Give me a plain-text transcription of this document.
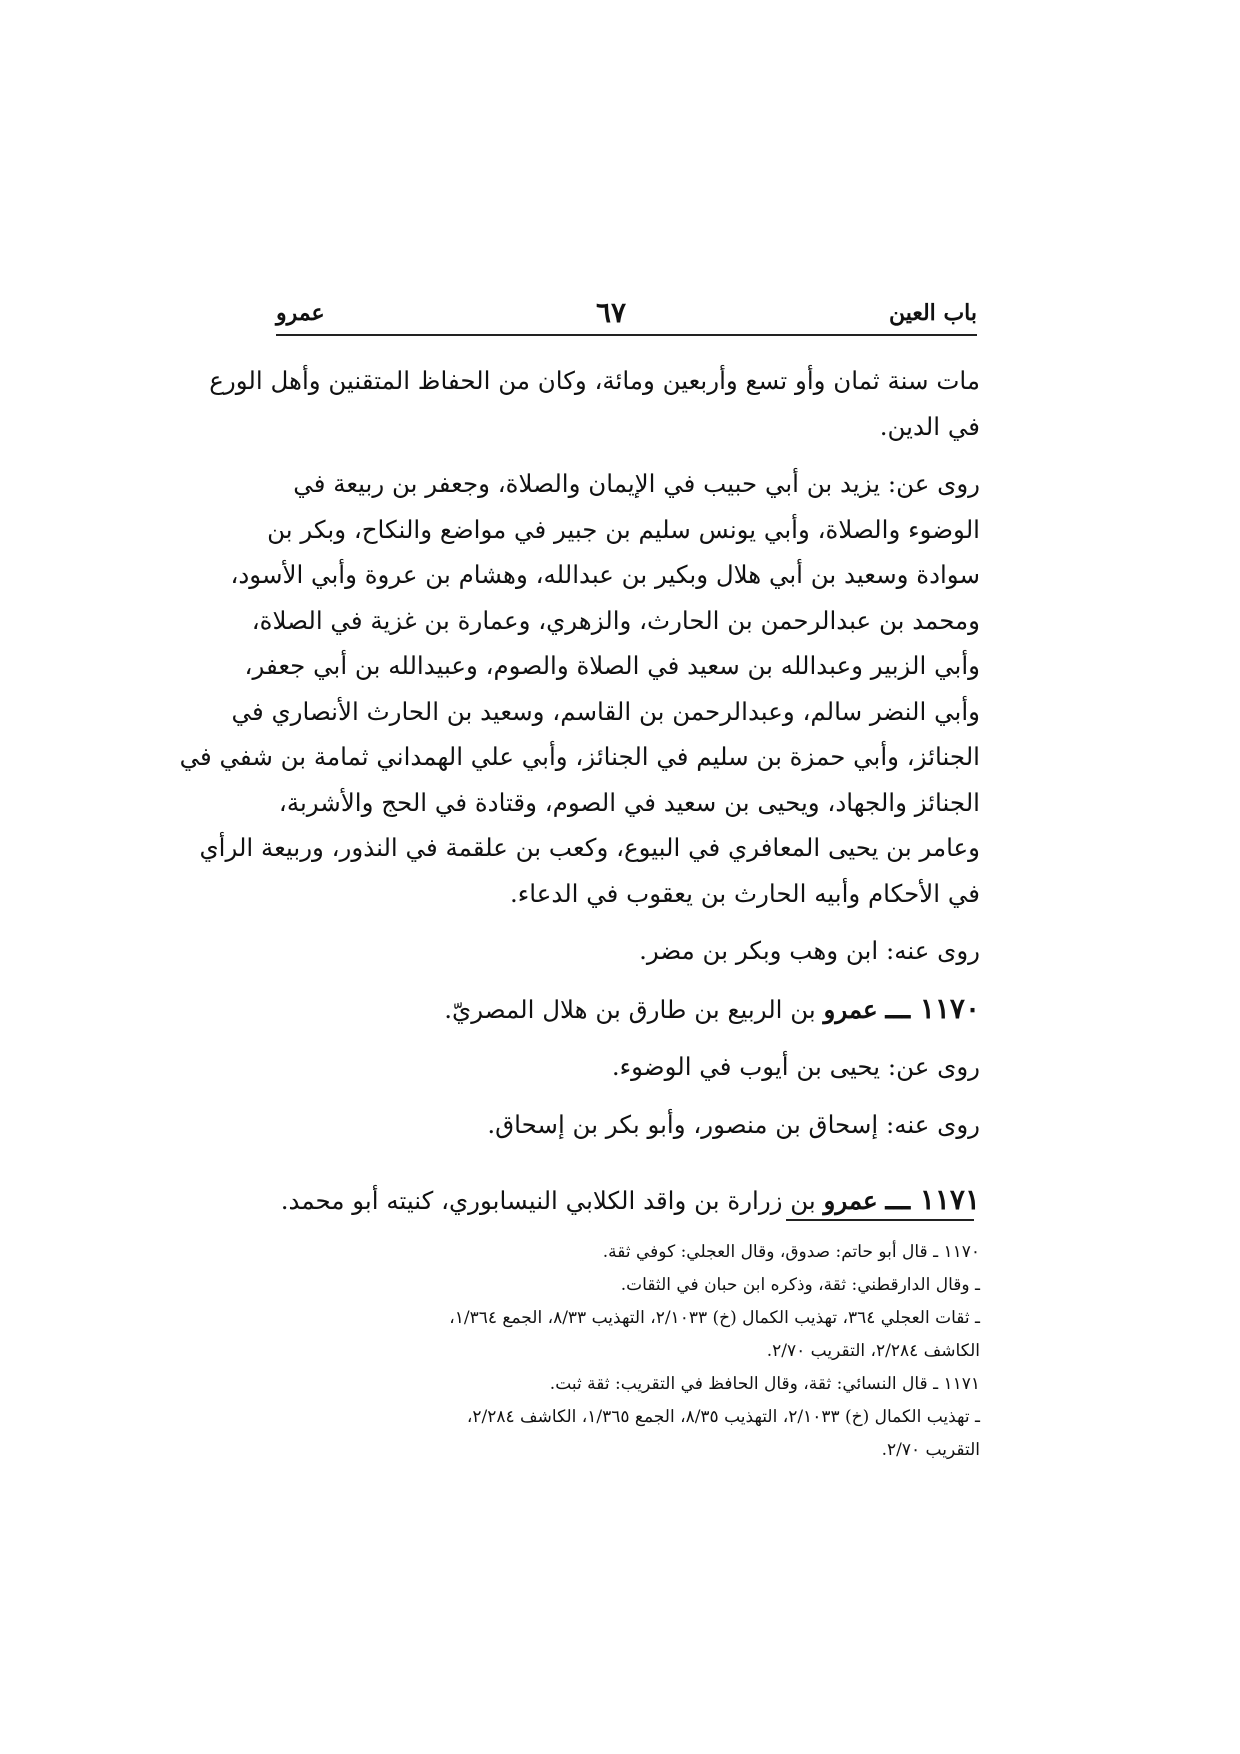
باب العين
٦٧
عمرو

مات سنة ثمان وأو تسع وأربعين ومائة، وكان من الحفاظ المتقنين وأهل الورع
في الدين.

روى عن: يزيد بن أبي حبيب في الإيمان والصلاة، وجعفر بن ربيعة في
الوضوء والصلاة، وأبي يونس سليم بن جبير في مواضع والنكاح، وبكر بن
سوادة وسعيد بن أبي هلال وبكير بن عبدالله، وهشام بن عروة وأبي الأسود،
ومحمد بن عبدالرحمن بن الحارث، والزهري، وعمارة بن غزية في الصلاة،
وأبي الزبير وعبدالله بن سعيد في الصلاة والصوم، وعبيدالله بن أبي جعفر،
وأبي النضر سالم، وعبدالرحمن بن القاسم، وسعيد بن الحارث الأنصاري في
الجنائز، وأبي حمزة بن سليم في الجنائز، وأبي علي الهمداني ثمامة بن شفي في
الجنائز والجهاد، ويحيى بن سعيد في الصوم، وقتادة في الحج والأشربة،
وعامر بن يحيى المعافري في البيوع، وكعب بن علقمة في النذور، وربيعة الرأي
في الأحكام وأبيه الحارث بن يعقوب في الدعاء.

روى عنه: ابن وهب وبكر بن مضر.

١١٧٠ ـــ عمرو بن الربيع بن طارق بن هلال المصريّ.

روى عن: يحيى بن أيوب في الوضوء.

روى عنه: إسحاق بن منصور، وأبو بكر بن إسحاق.

١١٧١ ـــ عمرو بن زرارة بن واقد الكلابي النيسابوري، كنيته أبو محمد.

١١٧٠ ـ قال أبو حاتم: صدوق، وقال العجلي: كوفي ثقة.
ـ وقال الدارقطني: ثقة، وذكره ابن حبان في الثقات.
ـ ثقات العجلي ٣٦٤، تهذيب الكمال (خ) ٢/١٠٣٣، التهذيب ٨/٣٣، الجمع ١/٣٦٤،
الكاشف ٢/٢٨٤، التقريب ٢/٧٠.
١١٧١ ـ قال النسائي: ثقة، وقال الحافظ في التقريب: ثقة ثبت.
ـ تهذيب الكمال (خ) ٢/١٠٣٣، التهذيب ٨/٣٥، الجمع ١/٣٦٥، الكاشف ٢/٢٨٤،
التقريب ٢/٧٠.
